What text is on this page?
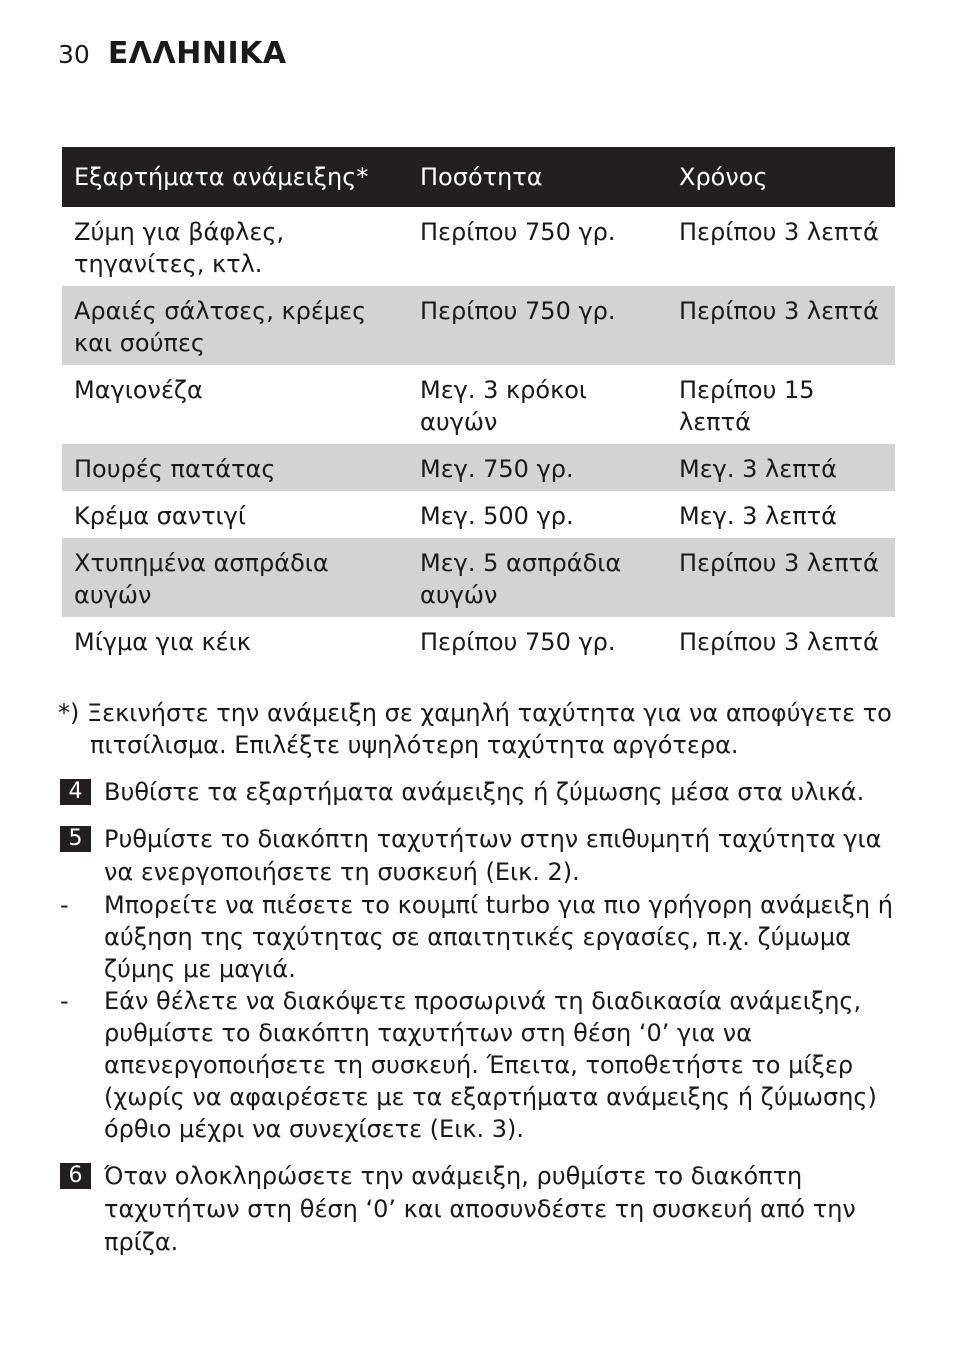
30 ΕΛΛΗΝΙΚΑ
Εξαρτήματα ανάμειξης*	Ποσότητα	Χρόνος
Ζύμη για βάφλες, τηγανίτες, κτλ.	Περίπου 750 γρ.	Περίπου 3 λεπτά
Αραιές σάλτσες, κρέμες και σούπες	Περίπου 750 γρ.	Περίπου 3 λεπτά
Μαγιονέζα	Μεγ. 3 κρόκοι αυγών	Περίπου 15 λεπτά
Πουρές πατάτας	Μεγ. 750 γρ.	Μεγ. 3 λεπτά
Κρέμα σαντιγί	Μεγ. 500 γρ.	Μεγ. 3 λεπτά
Χτυπημένα ασπράδια αυγών	Μεγ. 5 ασπράδια αυγών	Περίπου 3 λεπτά
Μίγμα για κέικ	Περίπου 750 γρ.	Περίπου 3 λεπτά
*) Ξεκινήστε την ανάμειξη σε χαμηλή ταχύτητα για να αποφύγετε το
πιτσίλισμα. Επιλέξτε υψηλότερη ταχύτητα αργότερα.
4 Βυθίστε τα εξαρτήματα ανάμειξης ή ζύμωσης μέσα στα υλικά.
5 Ρυθμίστε το διακόπτη ταχυτήτων στην επιθυμητή ταχύτητα για να ενεργοποιήσετε τη συσκευή (Εικ. 2).
-	Μπορείτε να πιέσετε το κουμπί turbo για πιο γρήγορη ανάμειξη ή αύξηση της ταχύτητας σε απαιτητικές εργασίες, π.χ. ζύμωμα ζύμης με μαγιά.
-	Εάν θέλετε να διακόψετε προσωρινά τη διαδικασία ανάμειξης, ρυθμίστε το διακόπτη ταχυτήτων στη θέση ‘0’ για να απενεργοποιήσετε τη συσκευή. Έπειτα, τοποθετήστε το μίξερ (χωρίς να αφαιρέσετε με τα εξαρτήματα ανάμειξης ή ζύμωσης) όρθιο μέχρι να συνεχίσετε (Εικ. 3).
6 Όταν ολοκληρώσετε την ανάμειξη, ρυθμίστε το διακόπτη ταχυτήτων στη θέση ‘0’ και αποσυνδέστε τη συσκευή από την πρίζα.
